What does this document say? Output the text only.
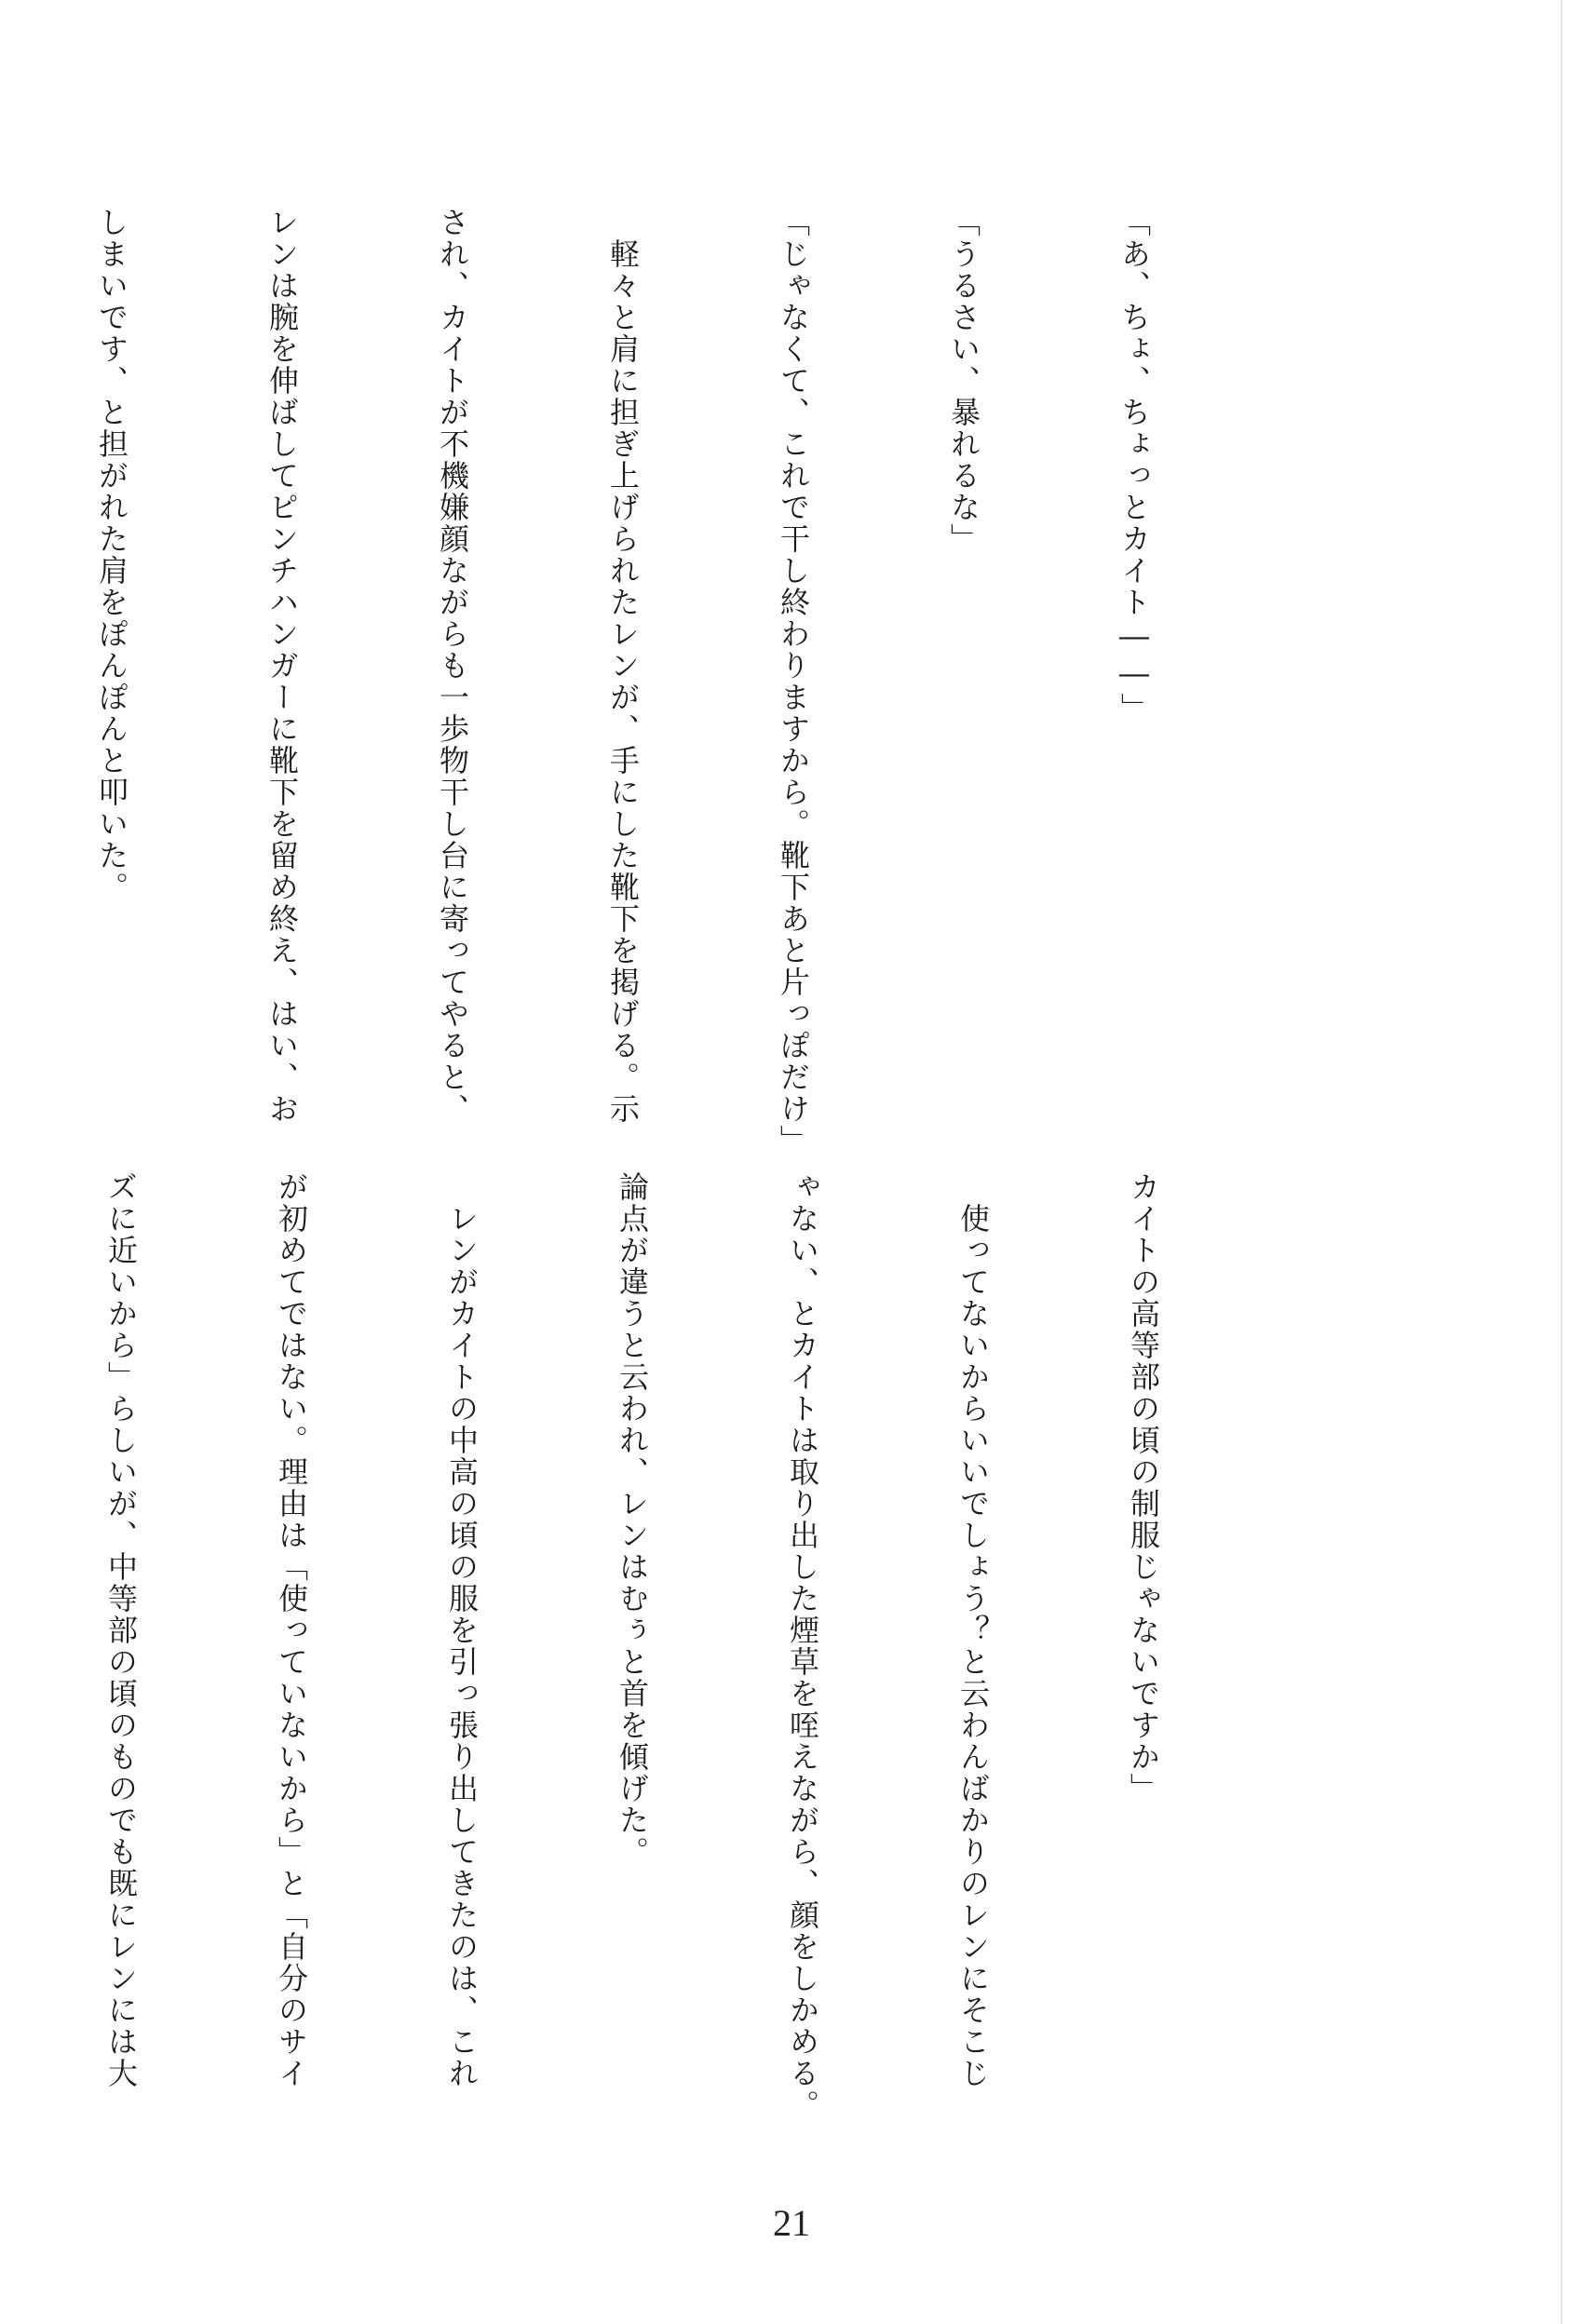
「あ、ちょ、ちょっとカイト――」

「うるさい、暴れるな」

「じゃなくて、これで干し終わりますから。靴下あと片っぽだけ」

　軽々と肩に担ぎ上げられたレンが、手にした靴下を掲げる。示

され、カイトが不機嫌顔ながらも一歩物干し台に寄ってやると、

レンは腕を伸ばしてピンチハンガーに靴下を留め終え、はい、お

しまいです、と担がれた肩をぽんぽんと叩いた。

カイトの高等部の頃の制服じゃないですか」

　使ってないからいいでしょう？と云わんばかりのレンにそこじ

ゃない、とカイトは取り出した煙草を咥えながら、顔をしかめる。

論点が違うと云われ、レンはむぅと首を傾げた。

　レンがカイトの中高の頃の服を引っ張り出してきたのは、これ

が初めてではない。理由は「使っていないから」と「自分のサイ

ズに近いから」らしいが、中等部の頃のものでも既にレンには大

21
